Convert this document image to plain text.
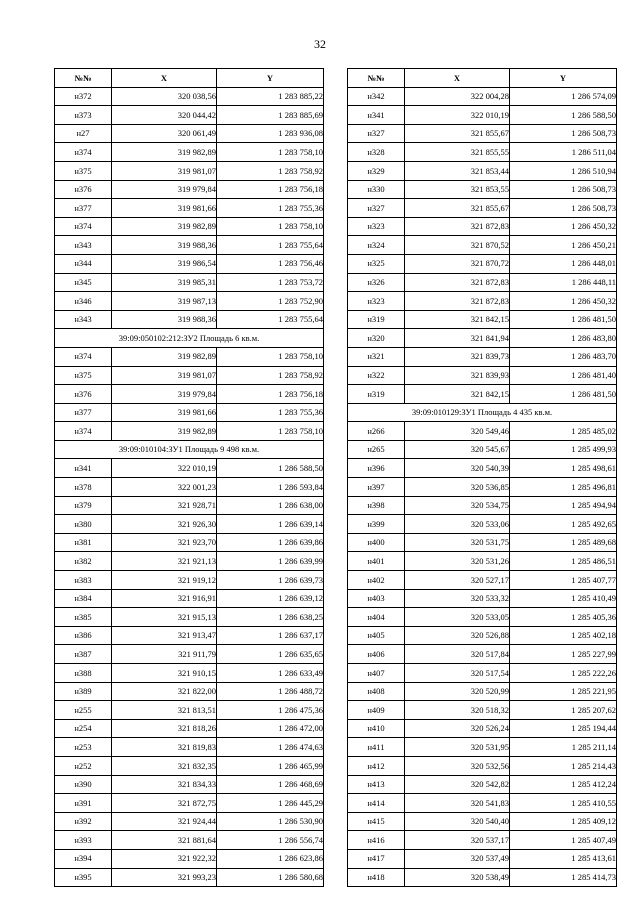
32
№№	X	Y
н372	320 038,56	1 283 885,22
н373	320 044,42	1 283 885,69
н27	320 061,49	1 283 936,08
н374	319 982,89	1 283 758,10
н375	319 981,07	1 283 758,92
н376	319 979,84	1 283 756,18
н377	319 981,66	1 283 755,36
н374	319 982,89	1 283 758,10
н343	319 988,36	1 283 755,64
н344	319 986,54	1 283 756,46
н345	319 985,31	1 283 753,72
н346	319 987,13	1 283 752,90
н343	319 988,36	1 283 755,64
39:09:050102:212:ЗУ2 Площадь 6 кв.м.		
н374	319 982,89	1 283 758,10
н375	319 981,07	1 283 758,92
н376	319 979,84	1 283 756,18
н377	319 981,66	1 283 755,36
н374	319 982,89	1 283 758,10
39:09:010104:ЗУ1 Площадь 9 498 кв.м.		
н341	322 010,19	1 286 588,50
н378	322 001,23	1 286 593,84
н379	321 928,71	1 286 638,00
н380	321 926,30	1 286 639,14
н381	321 923,70	1 286 639,86
н382	321 921,13	1 286 639,99
н383	321 919,12	1 286 639,73
н384	321 916,91	1 286 639,12
н385	321 915,13	1 286 638,25
н386	321 913,47	1 286 637,17
н387	321 911,79	1 286 635,65
н388	321 910,15	1 286 633,49
н389	321 822,00	1 286 488,72
н255	321 813,51	1 286 475,36
н254	321 818,26	1 286 472,00
н253	321 819,83	1 286 474,63
н252	321 832,35	1 286 465,99
н390	321 834,33	1 286 468,69
н391	321 872,75	1 286 445,29
н392	321 924,44	1 286 530,90
н393	321 881,64	1 286 556,74
н394	321 922,32	1 286 623,86
н395	321 993,23	1 286 580,68
№№	X	Y
н342	322 004,28	1 286 574,09
н341	322 010,19	1 286 588,50
н327	321 855,67	1 286 508,73
н328	321 855,55	1 286 511,04
н329	321 853,44	1 286 510,94
н330	321 853,55	1 286 508,73
н327	321 855,67	1 286 508,73
н323	321 872,83	1 286 450,32
н324	321 870,52	1 286 450,21
н325	321 870,72	1 286 448,01
н326	321 872,83	1 286 448,11
н323	321 872,83	1 286 450,32
н319	321 842,15	1 286 481,50
н320	321 841,94	1 286 483,80
н321	321 839,73	1 286 483,70
н322	321 839,93	1 286 481,40
н319	321 842,15	1 286 481,50
39:09:010129:ЗУ1 Площадь 4 435 кв.м.		
н266	320 549,46	1 285 485,02
н265	320 545,67	1 285 499,93
н396	320 540,39	1 285 498,61
н397	320 536,85	1 285 496,81
н398	320 534,75	1 285 494,94
н399	320 533,06	1 285 492,65
н400	320 531,75	1 285 489,68
н401	320 531,26	1 285 486,51
н402	320 527,17	1 285 407,77
н403	320 533,32	1 285 410,49
н404	320 533,05	1 285 405,36
н405	320 526,88	1 285 402,18
н406	320 517,84	1 285 227,99
н407	320 517,54	1 285 222,26
н408	320 520,99	1 285 221,95
н409	320 518,32	1 285 207,62
н410	320 526,24	1 285 194,44
н411	320 531,95	1 285 211,14
н412	320 532,56	1 285 214,43
н413	320 542,82	1 285 412,24
н414	320 541,83	1 285 410,55
н415	320 540,40	1 285 409,12
н416	320 537,17	1 285 407,49
н417	320 537,49	1 285 413,61
н418	320 538,49	1 285 414,73
